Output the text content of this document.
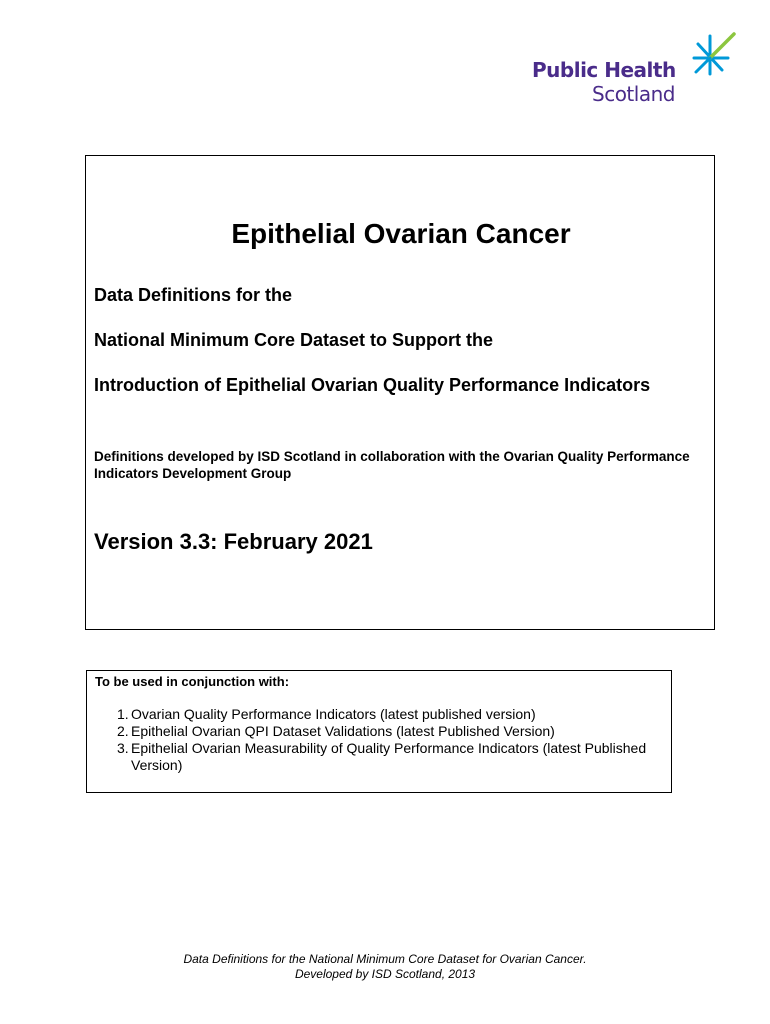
Public Health
Scotland
Epithelial Ovarian Cancer
Data Definitions for the
National Minimum Core Dataset to Support the
Introduction of Epithelial Ovarian Quality Performance Indicators
Definitions developed by ISD Scotland in collaboration with the Ovarian Quality Performance Indicators Development Group
Version 3.3: February 2021
To be used in conjunction with:
1. Ovarian Quality Performance Indicators (latest published version)
2. Epithelial Ovarian QPI Dataset Validations (latest Published Version)
3. Epithelial Ovarian Measurability of Quality Performance Indicators (latest Published Version)
Data Definitions for the National Minimum Core Dataset for Ovarian Cancer.
Developed by ISD Scotland, 2013
